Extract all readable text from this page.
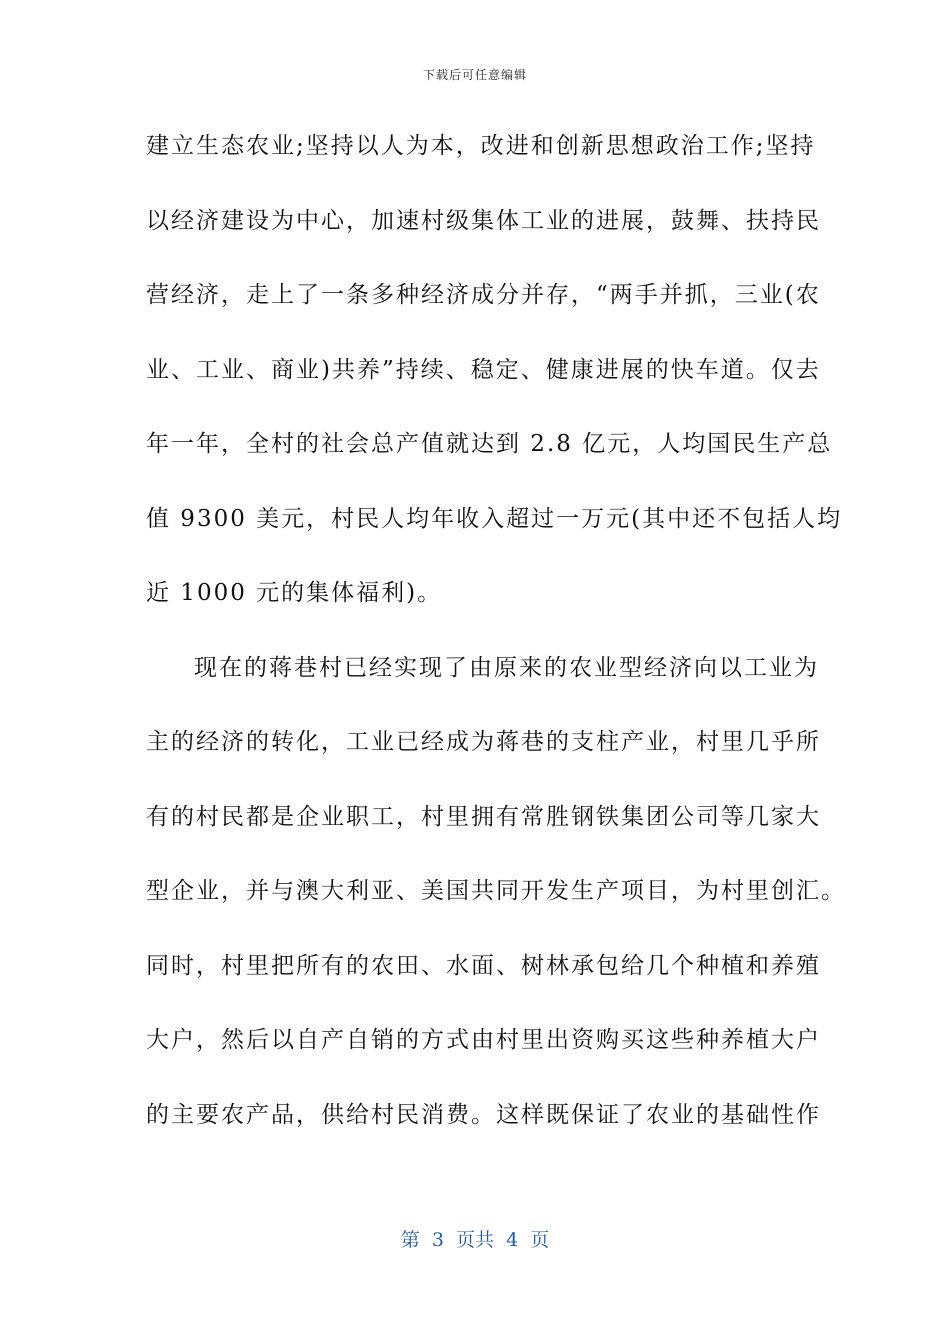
下载后可任意编辑
建立生态农业;坚持以人为本，改进和创新思想政治工作;坚持
以经济建设为中心，加速村级集体工业的进展，鼓舞、扶持民
营经济，走上了一条多种经济成分并存，“两手并抓，三业(农
业、工业、商业)共养”持续、稳定、健康进展的快车道。仅去
年一年，全村的社会总产值就达到 2.8 亿元，人均国民生产总
值 9300 美元，村民人均年收入超过一万元(其中还不包括人均
近 1000 元的集体福利)。
现在的蒋巷村已经实现了由原来的农业型经济向以工业为
主的经济的转化，工业已经成为蒋巷的支柱产业，村里几乎所
有的村民都是企业职工，村里拥有常胜钢铁集团公司等几家大
型企业，并与澳大利亚、美国共同开发生产项目，为村里创汇。
同时，村里把所有的农田、水面、树林承包给几个种植和养殖
大户，然后以自产自销的方式由村里出资购买这些种养植大户
的主要农产品，供给村民消费。这样既保证了农业的基础性作
第  3  页共  4  页
